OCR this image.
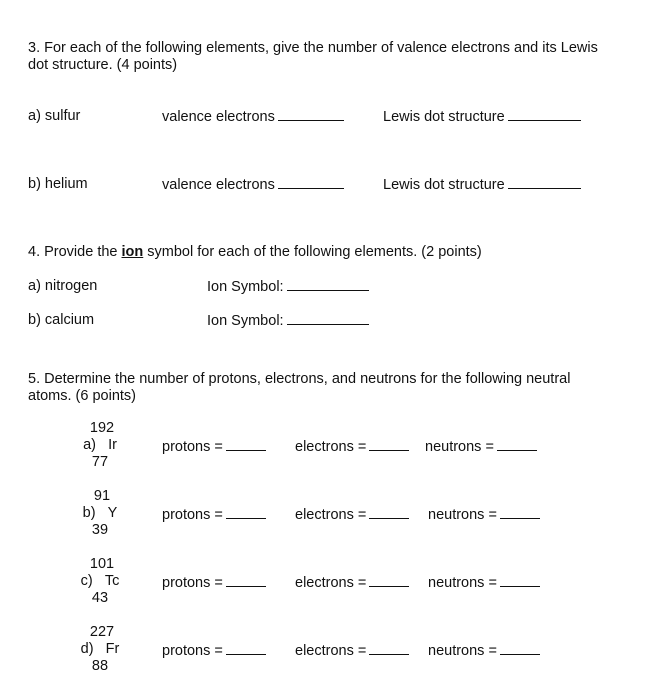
3. For each of the following elements, give the number of valence electrons and its Lewis
dot structure. (4 points)
a) sulfur	valence electrons	Lewis dot structure
b) helium	valence electrons	Lewis dot structure
4. Provide the ion symbol for each of the following elements. (2 points)
a) nitrogen	Ion Symbol:
b) calcium	Ion Symbol:
5. Determine the number of protons, electrons, and neutrons for the following neutral
atoms. (6 points)
192
a) Ir
77
protons =	electrons =	neutrons =
91
b) Y
39
protons =	electrons =	neutrons =
101
c) Tc
43
protons =	electrons =	neutrons =
227
d) Fr
88
protons =	electrons =	neutrons =
